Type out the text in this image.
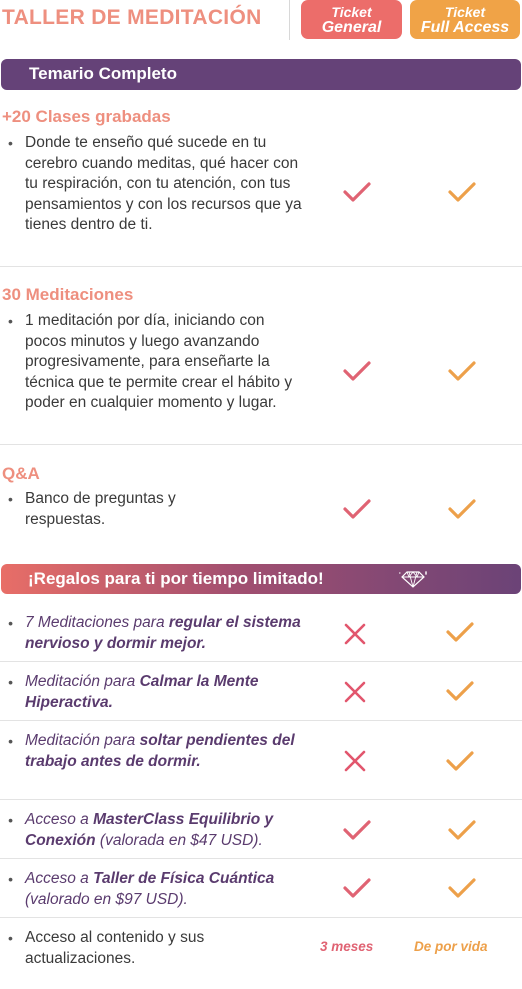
TALLER DE MEDITACIÓN	Ticket
General
Ticket
Full Access
Temario Completo
+20 Clases grabadas
• Donde te enseño qué sucede en tu cerebro cuando meditas, qué hacer con tu respiración, con tu atención, con tus pensamientos y con los recursos que ya tienes dentro de ti.
30 Meditaciones
• 1 meditación por día, iniciando con pocos minutos y luego avanzando progresivamente, para enseñarte la técnica que te permite crear el hábito y poder en cualquier momento y lugar.
Q&A
• Banco de preguntas y respuestas.
¡Regalos para ti por tiempo limitado!
• 7 Meditaciones para regular el sistema nervioso y dormir mejor.
• Meditación para Calmar la Mente Hiperactiva.
• Meditación para soltar pendientes del trabajo antes de dormir.
• Acceso a MasterClass Equilibrio y Conexión (valorada en $47 USD).
• Acceso a Taller de Física Cuántica (valorado en $97 USD).
• Acceso al contenido y sus actualizaciones.
3 meses	De por vida
